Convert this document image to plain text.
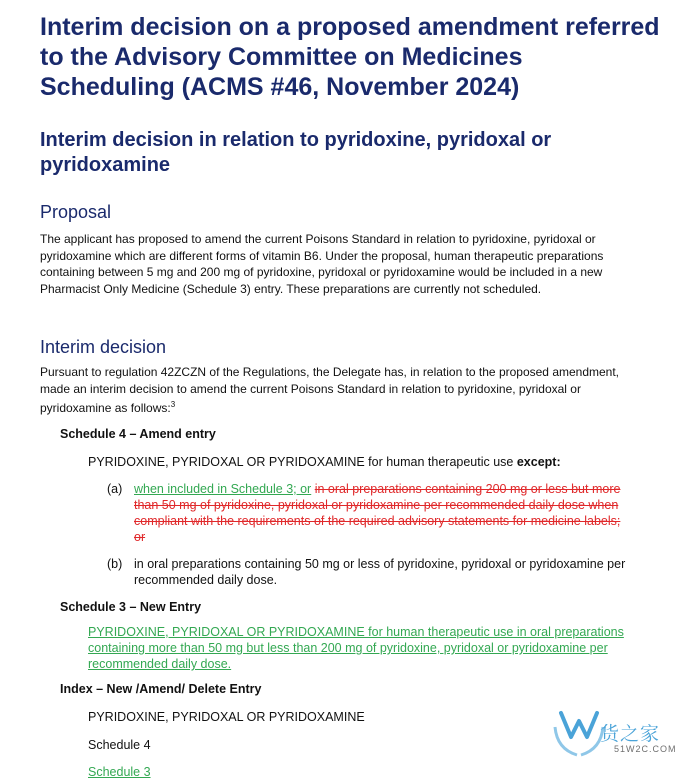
Interim decision on a proposed amendment referred to the Advisory Committee on Medicines Scheduling (ACMS #46, November 2024)
Interim decision in relation to pyridoxine, pyridoxal or pyridoxamine
Proposal
The applicant has proposed to amend the current Poisons Standard in relation to pyridoxine, pyridoxal or pyridoxamine which are different forms of vitamin B6. Under the proposal, human therapeutic preparations containing between 5 mg and 200 mg of pyridoxine, pyridoxal or pyridoxamine would be included in a new Pharmacist Only Medicine (Schedule 3) entry. These preparations are currently not scheduled.
Interim decision
Pursuant to regulation 42ZCZN of the Regulations, the Delegate has, in relation to the proposed amendment, made an interim decision to amend the current Poisons Standard in relation to pyridoxine, pyridoxal or pyridoxamine as follows:$^3$
Schedule 4 – Amend entry
PYRIDOXINE, PYRIDOXAL OR PYRIDOXAMINE for human therapeutic use except:
(a) when included in Schedule 3; or in oral preparations containing 200 mg or less but more than 50 mg of pyridoxine, pyridoxal or pyridoxamine per recommended daily dose when compliant with the requirements of the required advisory statements for medicine labels; or
(b) in oral preparations containing 50 mg or less of pyridoxine, pyridoxal or pyridoxamine per recommended daily dose.
Schedule 3 – New Entry
PYRIDOXINE, PYRIDOXAL OR PYRIDOXAMINE for human therapeutic use in oral preparations containing more than 50 mg but less than 200 mg of pyridoxine, pyridoxal or pyridoxamine per recommended daily dose.
Index – New /Amend/ Delete Entry
PYRIDOXINE, PYRIDOXAL OR PYRIDOXAMINE
Schedule 4
Schedule 3
货之家
51W2C.COM
